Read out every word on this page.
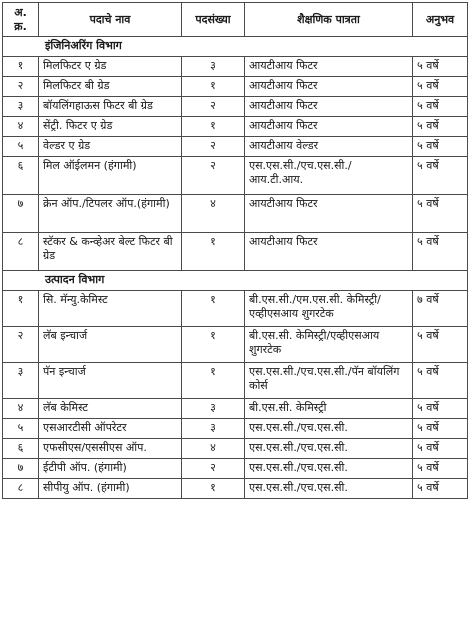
अ. क्र.	पदाचे नाव	पदसंख्या	शैक्षणिक पात्रता	अनुभव
इंजिनिअरिंग विभाग				
१	मिलफिटर ए ग्रेड	३	आयटीआय फिटर	५ वर्षे
२	मिलफिटर बी ग्रेड	१	आयटीआय फिटर	५ वर्षे
३	बॉयलिंगहाऊस फिटर बी ग्रेड	२	आयटीआय फिटर	५ वर्षे
४	सेंट्री. फिटर ए ग्रेड	१	आयटीआय फिटर	५ वर्षे
५	वेल्डर ए ग्रेड	२	आयटीआय वेल्डर	५ वर्षे
६	मिल ऑईलमन (हंगामी)	२	एस.एस.सी./एच.एस.सी./ आय.टी.आय.	५ वर्षे
७	क्रेन ऑप./टिपलर ऑप.(हंगामी)	४	आयटीआय फिटर	५ वर्षे
८	स्टॅकर & कन्व्हेअर बेल्ट फिटर बी ग्रेड	१	आयटीआय फिटर	५ वर्षे
उत्पादन विभाग				
१	सि. मॅन्यु.केमिस्ट	१	बी.एस.सी./एम.एस.सी. केमिस्ट्री/एव्हीएसआय शुगरटेक	७ वर्षे
२	लॅब इन्चार्ज	१	बी.एस.सी. केमिस्ट्री/एव्हीएसआय शुगरटेक	५ वर्षे
३	पॅन इन्चार्ज	१	एस.एस.सी./एच.एस.सी./पॅन बॉयलिंग कोर्स	५ वर्षे
४	लॅब केमिस्ट	३	बी.एस.सी. केमिस्ट्री	५ वर्षे
५	एसआरटीसी ऑपरेटर	३	एस.एस.सी./एच.एस.सी.	५ वर्षे
६	एफसीएस/एससीएस ऑप.	४	एस.एस.सी./एच.एस.सी.	५ वर्षे
७	ईटीपी ऑप. (हंगामी)	२	एस.एस.सी./एच.एस.सी.	५ वर्षे
८	सीपीयु ऑप. (हंगामी)	१	एस.एस.सी./एच.एस.सी.	५ वर्षे
